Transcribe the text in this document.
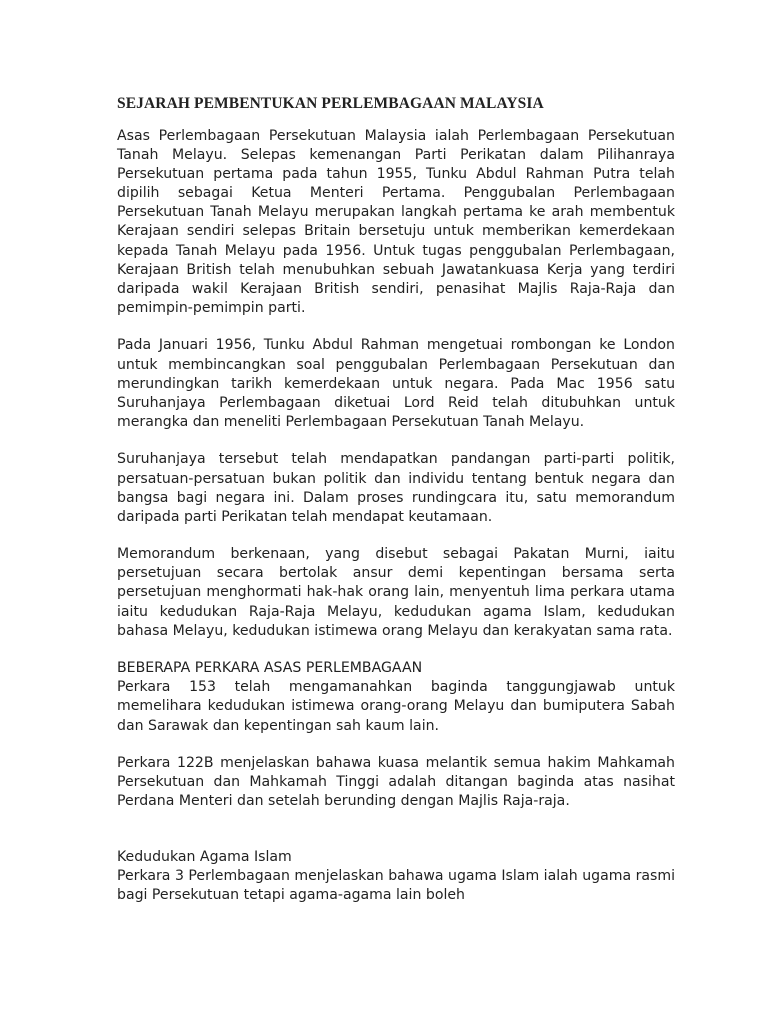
SEJARAH PEMBENTUKAN PERLEMBAGAAN MALAYSIA

Asas Perlembagaan Persekutuan Malaysia ialah Perlembagaan Persekutuan Tanah Melayu. Selepas kemenangan Parti Perikatan dalam Pilihanraya Persekutuan pertama pada tahun 1955, Tunku Abdul Rahman Putra telah dipilih sebagai Ketua Menteri Pertama. Penggubalan Perlembagaan Persekutuan Tanah Melayu merupakan langkah pertama ke arah membentuk Kerajaan sendiri selepas Britain bersetuju untuk memberikan kemerdekaan kepada Tanah Melayu pada 1956. Untuk tugas penggubalan Perlembagaan, Kerajaan British telah menubuhkan sebuah Jawatankuasa Kerja yang terdiri daripada wakil Kerajaan British sendiri, penasihat Majlis Raja-Raja dan pemimpin-pemimpin parti.

Pada Januari 1956, Tunku Abdul Rahman mengetuai rombongan ke London untuk membincangkan soal penggubalan Perlembagaan Persekutuan dan merundingkan tarikh kemerdekaan untuk negara. Pada Mac 1956 satu Suruhanjaya Perlembagaan diketuai Lord Reid telah ditubuhkan untuk merangka dan meneliti Perlembagaan Persekutuan Tanah Melayu.

Suruhanjaya tersebut telah mendapatkan pandangan parti-parti politik, persatuan-persatuan bukan politik dan individu tentang bentuk negara dan bangsa bagi negara ini. Dalam proses rundingcara itu, satu memorandum daripada parti Perikatan telah mendapat keutamaan.

Memorandum berkenaan, yang disebut sebagai Pakatan Murni, iaitu persetujuan secara bertolak ansur demi kepentingan bersama serta persetujuan menghormati hak-hak orang lain, menyentuh lima perkara utama iaitu kedudukan Raja-Raja Melayu, kedudukan agama Islam, kedudukan bahasa Melayu, kedudukan istimewa orang Melayu dan kerakyatan sama rata.

BEBERAPA PERKARA ASAS PERLEMBAGAAN

Perkara 153 telah mengamanahkan baginda tanggungjawab untuk memelihara kedudukan istimewa orang-orang Melayu dan bumiputera Sabah dan Sarawak dan kepentingan sah kaum lain.

Perkara 122B menjelaskan bahawa kuasa melantik semua hakim Mahkamah Persekutuan dan Mahkamah Tinggi adalah ditangan baginda atas nasihat Perdana Menteri dan setelah berunding dengan Majlis Raja-raja.

Kedudukan Agama Islam

Perkara 3 Perlembagaan menjelaskan bahawa ugama Islam ialah ugama rasmi bagi Persekutuan tetapi agama-agama lain boleh
